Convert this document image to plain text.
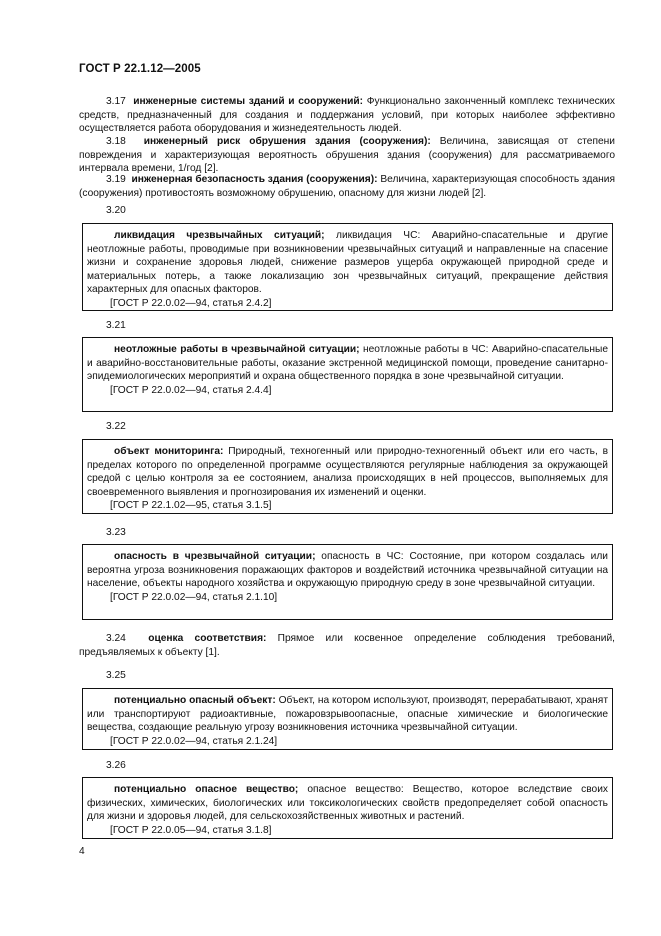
ГОСТ Р 22.1.12—2005
3.17 инженерные системы зданий и сооружений: Функционально законченный комплекс технических средств, предназначенный для создания и поддержания условий, при которых наиболее эффективно осуществляется работа оборудования и жизнедеятельность людей.
3.18 инженерный риск обрушения здания (сооружения): Величина, зависящая от степени повреждения и характеризующая вероятность обрушения здания (сооружения) для рассматриваемого интервала времени, 1/год [2].
3.19 инженерная безопасность здания (сооружения): Величина, характеризующая способность здания (сооружения) противостоять возможному обрушению, опасному для жизни людей [2].
3.20

ликвидация чрезвычайных ситуаций; ликвидация ЧС: Аварийно-спасательные и другие неотложные работы, проводимые при возникновении чрезвычайных ситуаций и направленные на спасение жизни и сохранение здоровья людей, снижение размеров ущерба окружающей природной среде и материальных потерь, а также локализацию зон чрезвычайных ситуаций, прекращение действия характерных для опасных факторов.

[ГОСТ Р 22.0.02—94, статья 2.4.2]

3.21

неотложные работы в чрезвычайной ситуации; неотложные работы в ЧС: Аварийно-спасательные и аварийно-восстановительные работы, оказание экстренной медицинской помощи, проведение санитарно-эпидемиологических мероприятий и охрана общественного порядка в зоне чрезвычайной ситуации.

[ГОСТ Р 22.0.02—94, статья 2.4.4]

3.22

объект мониторинга: Природный, техногенный или природно-техногенный объект или его часть, в пределах которого по определенной программе осуществляются регулярные наблюдения за окружающей средой с целью контроля за ее состоянием, анализа происходящих в ней процессов, выполняемых для своевременного выявления и прогнозирования их изменений и оценки.

[ГОСТ Р 22.1.02—95, статья 3.1.5]

3.23

опасность в чрезвычайной ситуации; опасность в ЧС: Состояние, при котором создалась или вероятна угроза возникновения поражающих факторов и воздействий источника чрезвычайной ситуации на население, объекты народного хозяйства и окружающую природную среду в зоне чрезвычайной ситуации.

[ГОСТ Р 22.0.02—94, статья 2.1.10]

3.24 оценка соответствия: Прямое или косвенное определение соблюдения требований, предъявляемых к объекту [1].
3.25

потенциально опасный объект: Объект, на котором используют, производят, перерабатывают, хранят или транспортируют радиоактивные, пожаровзрывоопасные, опасные химические и биологические вещества, создающие реальную угрозу возникновения источника чрезвычайной ситуации.

[ГОСТ Р 22.0.02—94, статья 2.1.24]

3.26

потенциально опасное вещество; опасное вещество: Вещество, которое вследствие своих физических, химических, биологических или токсикологических свойств предопределяет собой опасность для жизни и здоровья людей, для сельскохозяйственных животных и растений.

[ГОСТ Р 22.0.05—94, статья 3.1.8]

4
